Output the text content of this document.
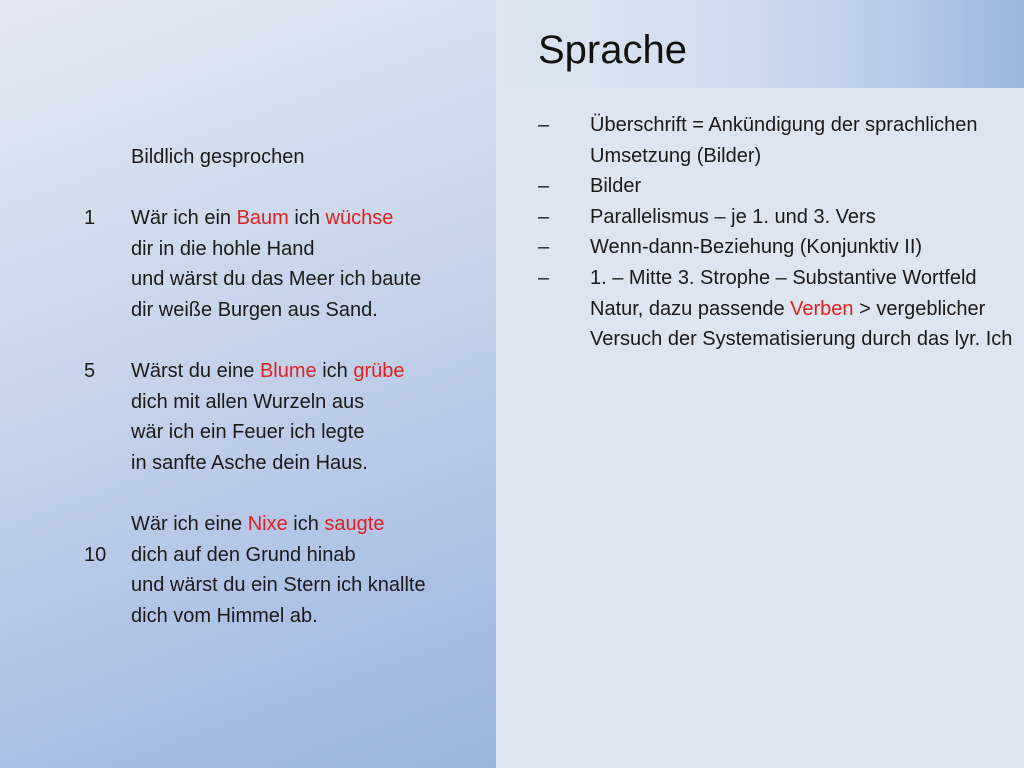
Sprache
Bildlich gesprochen
1	Wär ich ein Baum ich wüchse
dir in die hohle Hand
und wärst du das Meer ich baute
dir weiße Burgen aus Sand.
5	Wärst du eine Blume ich grübe
dich mit allen Wurzeln aus
wär ich ein Feuer ich legte
in sanfte Asche dein Haus.
Wär ich eine Nixe ich saugte
10	dich auf den Grund hinab
und wärst du ein Stern ich knallte
dich vom Himmel ab.
– Überschrift = Ankündigung der sprachlichen Umsetzung (Bilder)
– Bilder
– Parallelismus – je 1. und 3. Vers
– Wenn-dann-Beziehung (Konjunktiv II)
– 1. – Mitte 3. Strophe – Substantive Wortfeld Natur, dazu passende Verben > vergeblicher Versuch der Systematisierung durch das lyr. Ich
